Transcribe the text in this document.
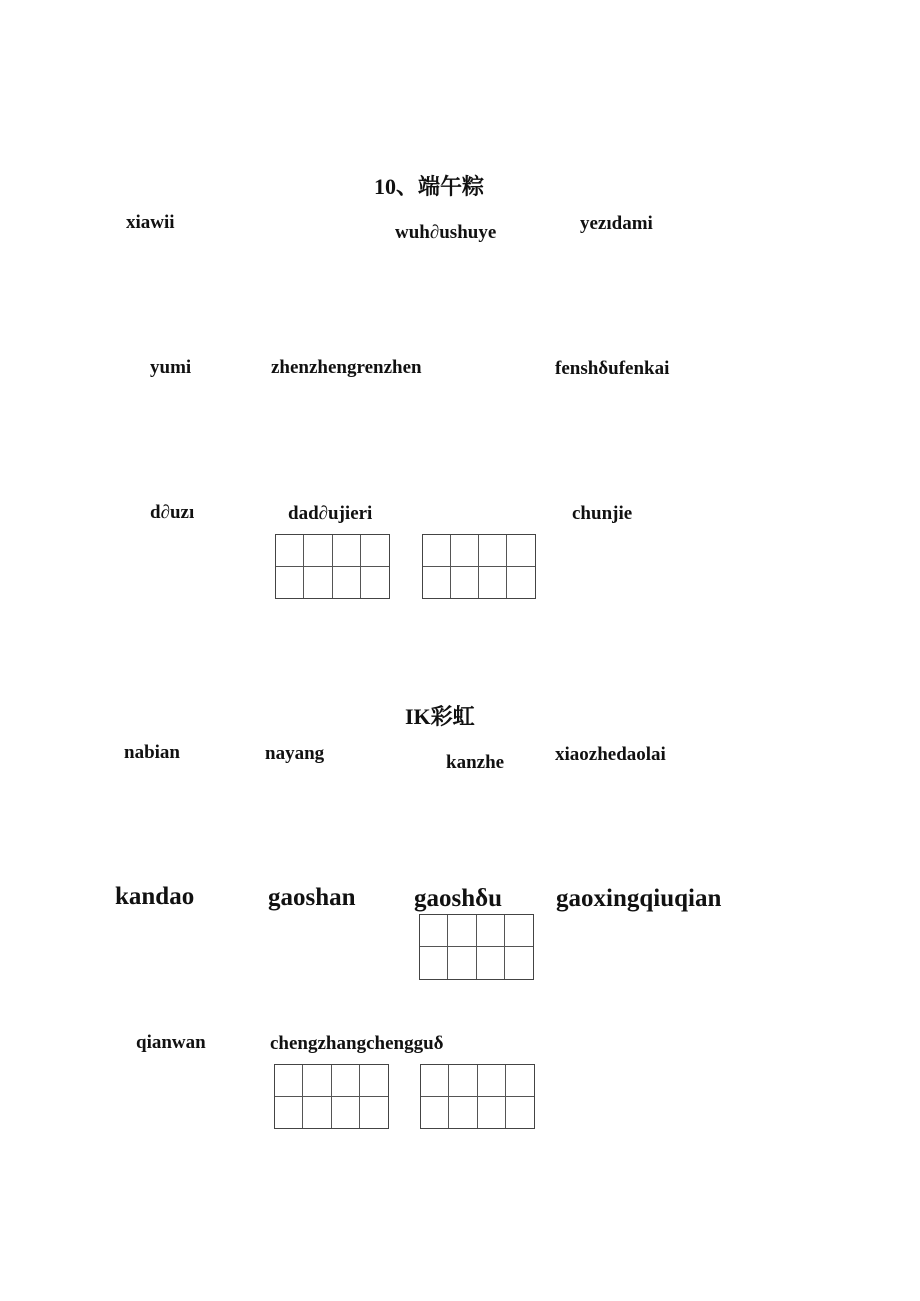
10、端午粽
xiawii	wuh∂ushuye	yezıdami
yumi	zhenzhengrenzhen	fenshδufenkai
d∂uzı	dad∂ujieri	chunjie
IK彩虹
nabian	nayang	kanzhe	xiaozhedaolai
kandao	gaoshan gaoshδu gaoxingqiuqian
qianwan	chengzhangchengguδ
